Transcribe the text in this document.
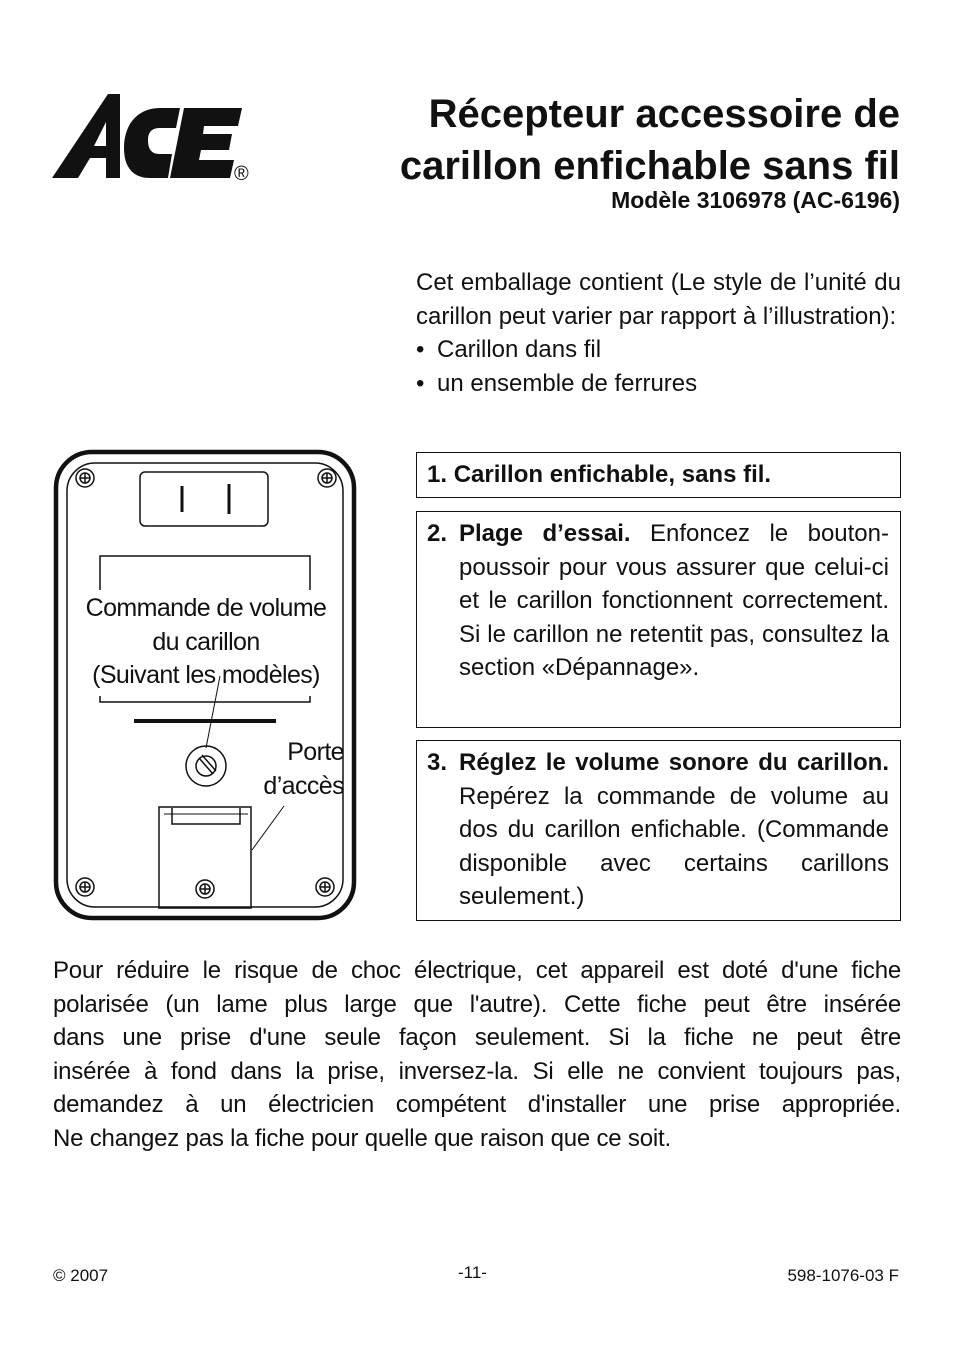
®
Récepteur accessoire de
carillon enfichable sans fil
Modèle 3106978 (AC-6196)

Cet emballage contient (Le style de l’unité du carillon peut varier par rapport à l’illustration):

• Carillon dans fil
• un ensemble de ferrures
Commande de volume
du carillon
(Suivant les modèles)
Porte
d’accès
1. Carillon enfichable, sans fil.
2. Plage d’essai. Enfoncez le bouton-poussoir pour vous assurer que celui-ci et le carillon fonctionnent correctement. Si le carillon ne retentit pas, consultez la section «Dépannage».
3. Réglez le volume sonore du carillon. Repérez la commande de volume au dos du carillon enfichable. (Commande disponible avec certains carillons seulement.)
Pour réduire le risque de choc électrique, cet appareil est doté d'une fiche
polarisée (un lame plus large que l'autre). Cette fiche peut être insérée
dans une prise d'une seule façon seulement. Si la fiche ne peut être
insérée à fond dans la prise, inversez-la. Si elle ne convient toujours pas,
demandez à un électricien compétent d'installer une prise appropriée.
Ne changez pas la fiche pour quelle que raison que ce soit.
© 2007	-11-	598-1076-03 F
